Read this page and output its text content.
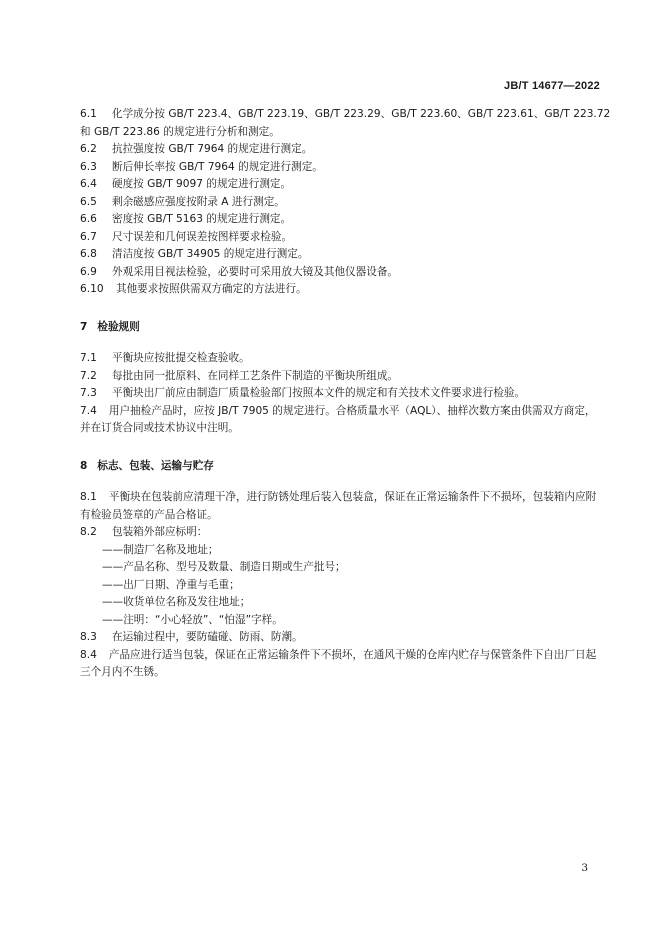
JB/T 14677—2022
6.1	化学成分按 GB/T 223.4、GB/T 223.19、GB/T 223.29、GB/T 223.60、GB/T 223.61、GB/T 223.72
和 GB/T 223.86 的规定进行分析和测定。
6.2	抗拉强度按 GB/T 7964 的规定进行测定。
6.3	断后伸长率按 GB/T 7964 的规定进行测定。
6.4	硬度按 GB/T 9097 的规定进行测定。
6.5	剩余磁感应强度按附录 A 进行测定。
6.6	密度按 GB/T 5163 的规定进行测定。
6.7	尺寸误差和几何误差按图样要求检验。
6.8	清洁度按 GB/T 34905 的规定进行测定。
6.9	外观采用目视法检验，必要时可采用放大镜及其他仪器设备。
6.10	其他要求按照供需双方确定的方法进行。
7 检验规则
7.1	平衡块应按批提交检查验收。
7.2	每批由同一批原料、在同样工艺条件下制造的平衡块所组成。
7.3	平衡块出厂前应由制造厂质量检验部门按照本文件的规定和有关技术文件要求进行检验。

7.4 用户抽检产品时，应按 JB/T 7905 的规定进行。合格质量水平（AQL）、抽样次数方案由供需双方商定，并在订货合同或技术协议中注明。

8 标志、包装、运输与贮存

8.1 平衡块在包装前应清理干净，进行防锈处理后装入包装盒，保证在正常运输条件下不损坏，包装箱内应附有检验员签章的产品合格证。

8.2	包装箱外部应标明：
——制造厂名称及地址；
——产品名称、型号及数量、制造日期或生产批号；
——出厂日期、净重与毛重；
——收货单位名称及发往地址；
——注明：“小心轻放”、“怕湿”字样。
8.3	在运输过程中，要防磕碰、防雨、防潮。

8.4 产品应进行适当包装，保证在正常运输条件下不损坏，在通风干燥的仓库内贮存与保管条件下自出厂日起三个月内不生锈。

3
